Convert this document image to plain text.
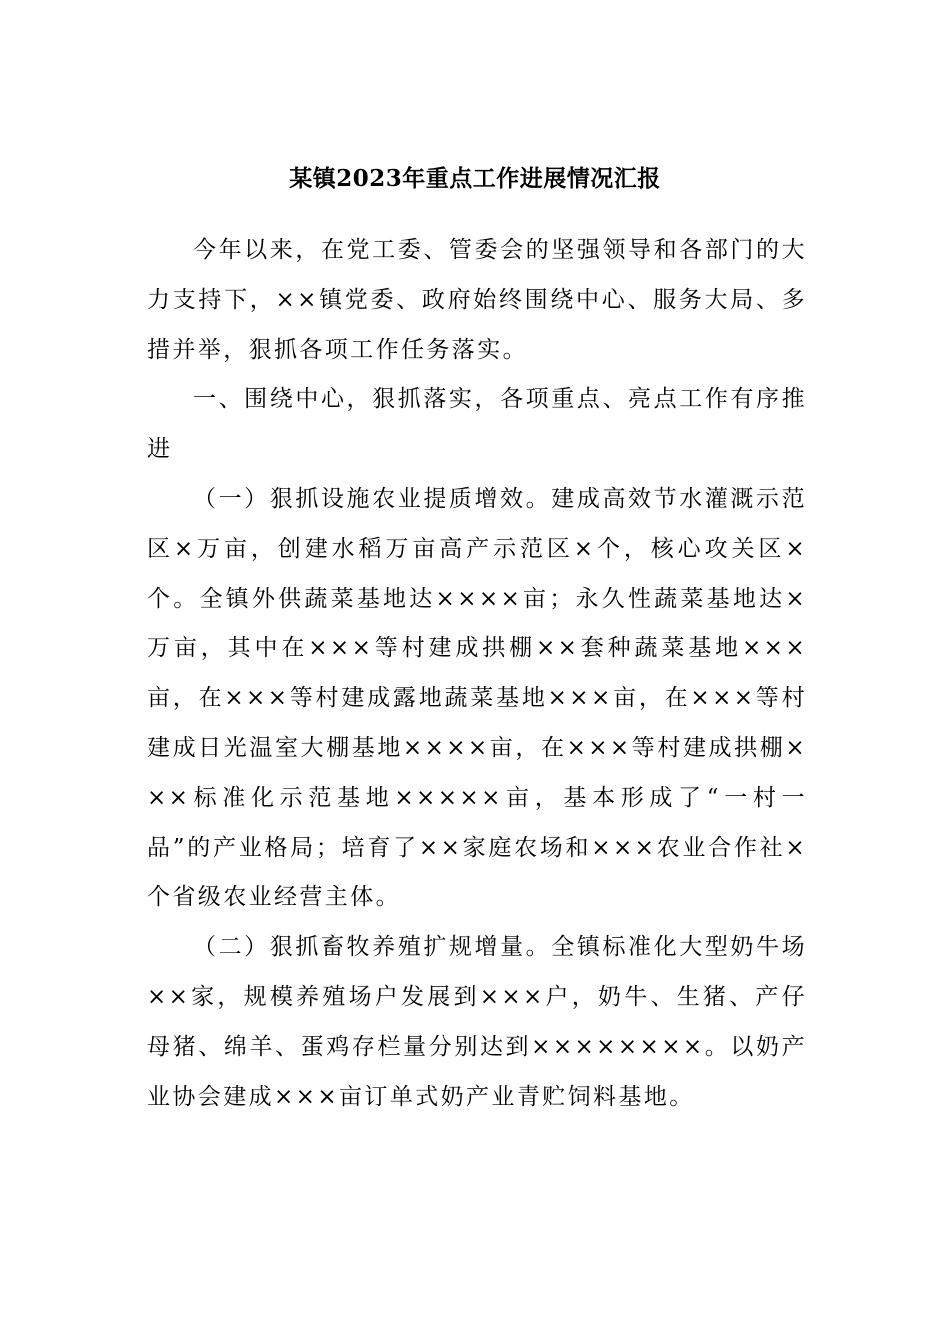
某镇2023年重点工作进展情况汇报

今年以来，在党工委、管委会的坚强领导和各部门的大力支持下，××镇党委、政府始终围绕中心、服务大局、多措并举，狠抓各项工作任务落实。

一、围绕中心，狠抓落实，各项重点、亮点工作有序推进

（一）狠抓设施农业提质增效。建成高效节水灌溉示范区×万亩，创建水稻万亩高产示范区×个，核心攻关区×个。全镇外供蔬菜基地达××××亩；永久性蔬菜基地达×万亩，其中在×××等村建成拱棚××套种蔬菜基地×××亩，在×××等村建成露地蔬菜基地×××亩，在×××等村建成日光温室大棚基地××××亩，在×××等村建成拱棚×××标准化示范基地×××××亩，基本形成了“一村一品”的产业格局；培育了××家庭农场和×××农业合作社×个省级农业经营主体。

（二）狠抓畜牧养殖扩规增量。全镇标准化大型奶牛场××家，规模养殖场户发展到×××户，奶牛、生猪、产仔母猪、绵羊、蛋鸡存栏量分别达到××××××××。以奶产业协会建成×××亩订单式奶产业青贮饲料基地。
